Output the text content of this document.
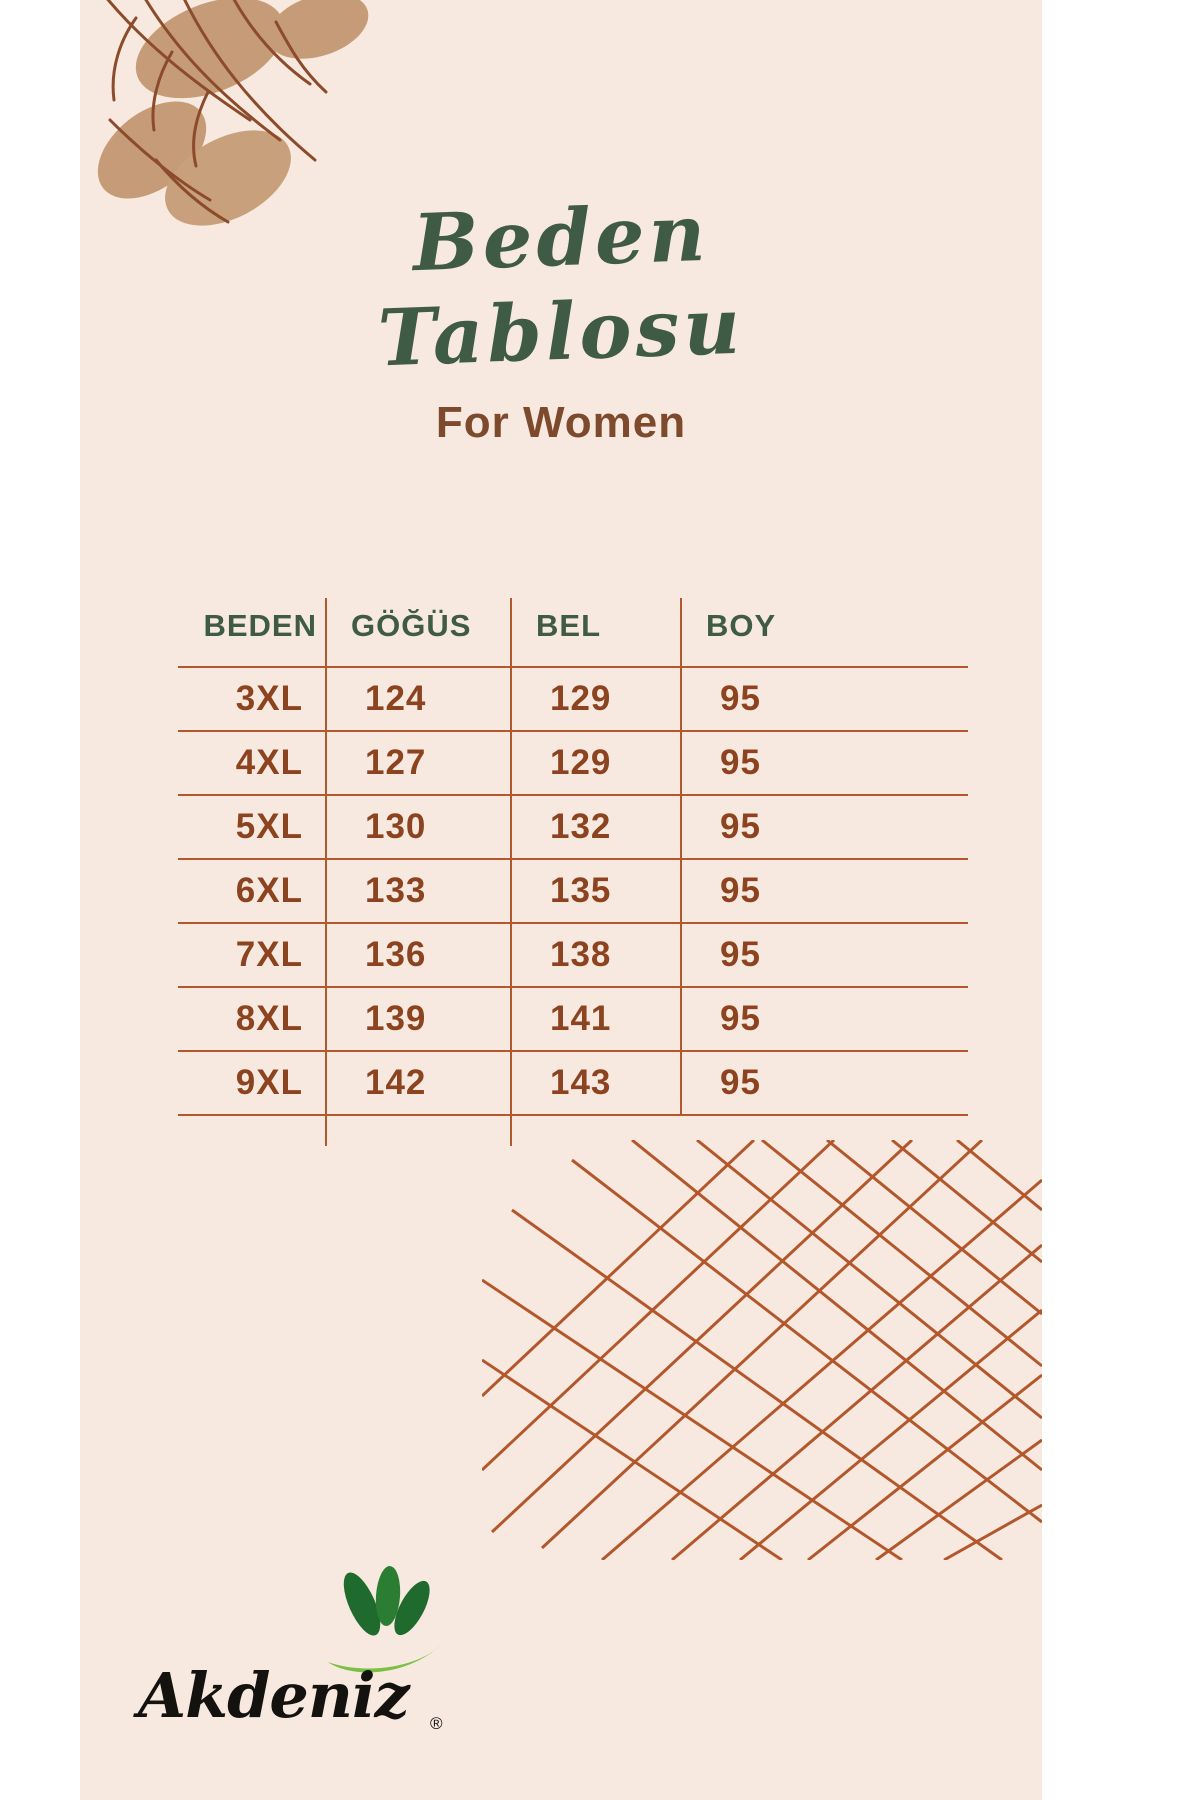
Beden
Tablosu
For Women
BEDEN	GÖĞÜS	BEL	BOY
3XL	124	129	95
4XL	127	129	95
5XL	130	132	95
6XL	133	135	95
7XL	136	138	95
8XL	139	141	95
9XL	142	143	95

Akdeniz ®
